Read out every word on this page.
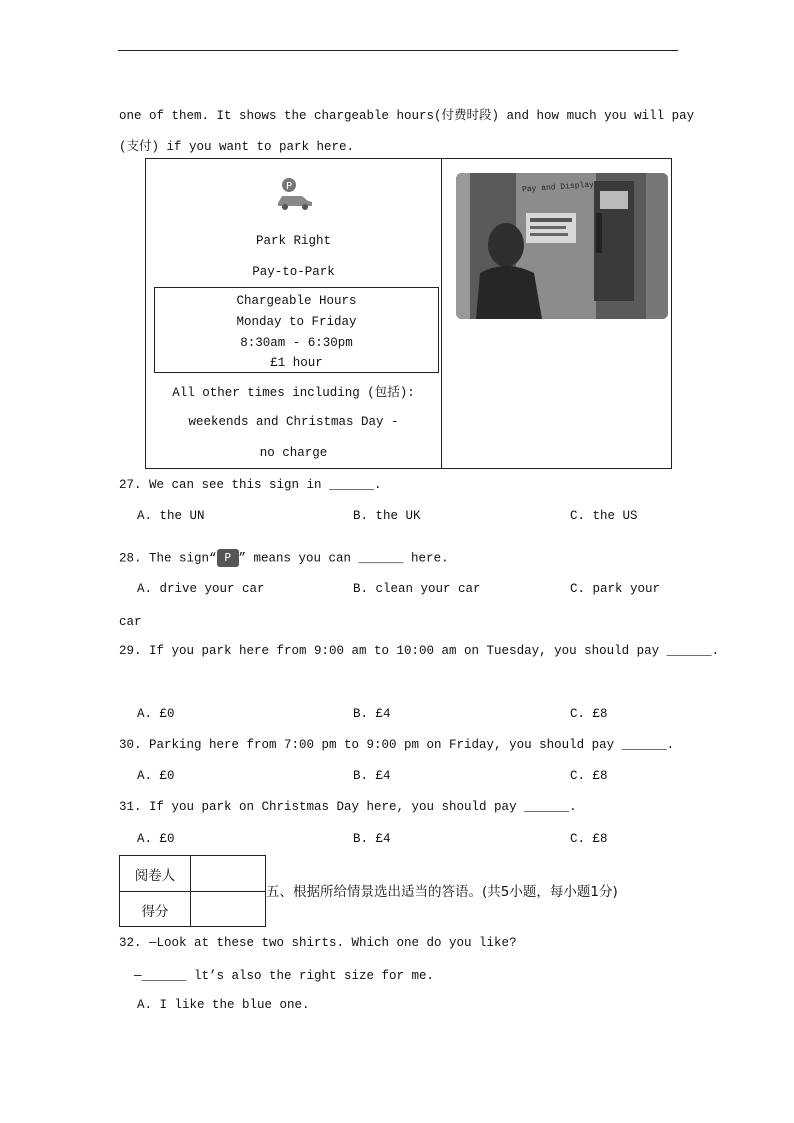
one of them. It shows the chargeable hours(付费时段) and how much you will pay
(支付) if you want to park here.
P
Park Right
Pay-to-Park
Chargeable Hours
Monday to Friday
8:30am - 6:30pm
£1 hour
All other times including (包括):
weekends and Christmas Day -
no charge
Pay and Display
27. We can see this sign in ______.
A. the UN	B. the UK	C. the US
28. The sign“ P ” means you can ______ here.
A. drive your car	B. clean your car	C. park your
car
29. If you park here from 9:00 am to 10:00 am on Tuesday, you should pay ______.
A. £0	B. £4	C. £8
30. Parking here from 7:00 pm to 9:00 pm on Friday, you should pay ______.
A. £0	B. £4	C. £8
31. If you park on Christmas Day here, you should pay ______.
A. £0	B. £4	C. £8
阅卷人
得分
五、根据所给情景选出适当的答语。(共5小题，每小题1分)
32. —Look at these two shirts. Which one do you like?
—______ lt’s also the right size for me.
A. I like the blue one.
